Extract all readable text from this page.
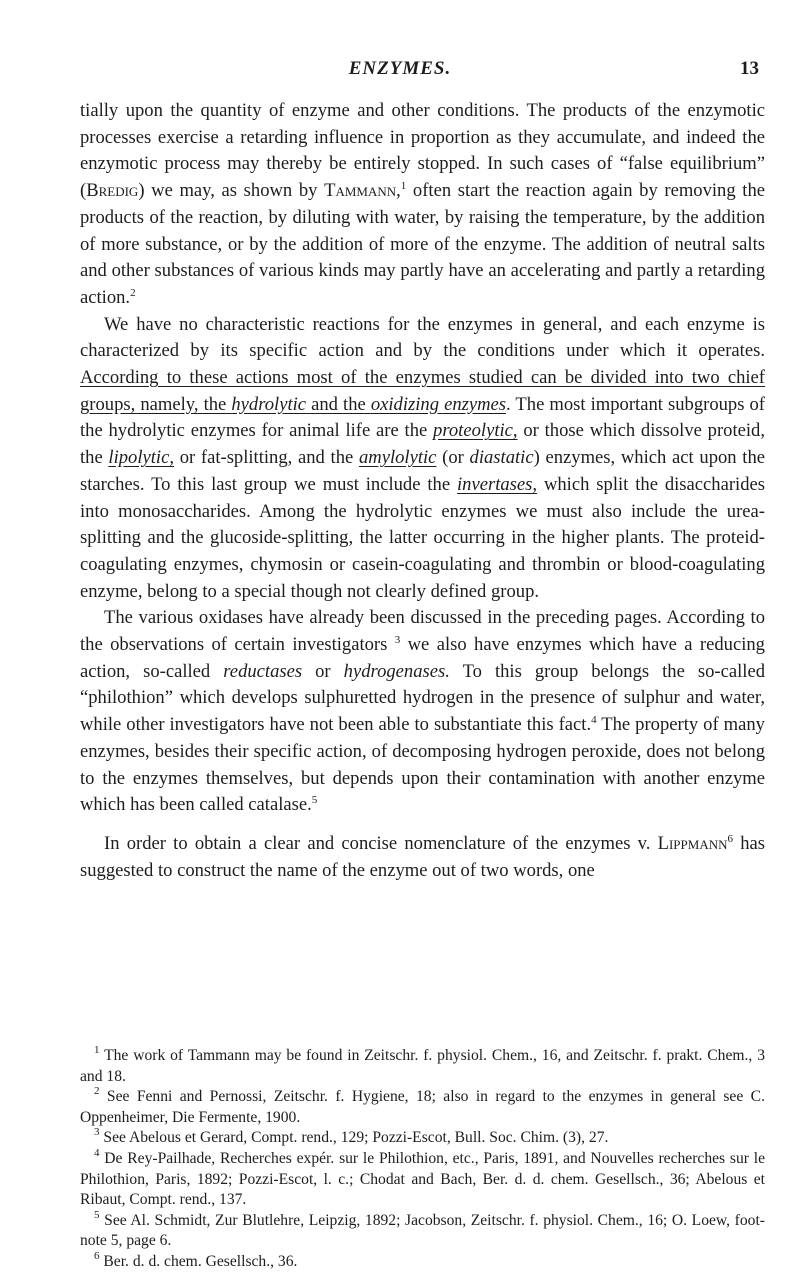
ENZYMES.	13

tially upon the quantity of enzyme and other conditions. The products of the enzymotic processes exercise a retarding influence in proportion as they accumulate, and indeed the enzymotic process may thereby be entirely stopped. In such cases of “false equilibrium” (Bredig) we may, as shown by Tammann,$^1$ often start the reaction again by removing the products of the reaction, by diluting with water, by raising the temperature, by the addition of more substance, or by the addition of more of the enzyme. The addition of neutral salts and other substances of various kinds may partly have an accelerating and partly a retarding action.$^2$

We have no characteristic reactions for the enzymes in general, and each enzyme is characterized by its specific action and by the conditions under which it operates. According to these actions most of the enzymes studied can be divided into two chief groups, namely, the hydrolytic and the oxidizing enzymes. The most important subgroups of the hydrolytic enzymes for animal life are the proteolytic, or those which dissolve proteid, the lipolytic, or fat-splitting, and the amylolytic (or diastatic) enzymes, which act upon the starches. To this last group we must include the invertases, which split the disaccharides into monosaccharides. Among the hydrolytic enzymes we must also include the urea-splitting and the glucoside-splitting, the latter occurring in the higher plants. The proteid-coagulating enzymes, chymosin or casein-coagulating and thrombin or blood-coagulating enzyme, belong to a special though not clearly defined group.

The various oxidases have already been discussed in the preceding pages. According to the observations of certain investigators $^3$ we also have enzymes which have a reducing action, so-called reductases or hydrogenases. To this group belongs the so-called “philothion” which develops sulphuretted hydrogen in the presence of sulphur and water, while other investigators have not been able to substantiate this fact.$^4$ The property of many enzymes, besides their specific action, of decomposing hydrogen peroxide, does not belong to the enzymes themselves, but depends upon their contamination with another enzyme which has been called catalase.$^5$

In order to obtain a clear and concise nomenclature of the enzymes v. Lippmann$^6$ has suggested to construct the name of the enzyme out of two words, one

$^1$ The work of Tammann may be found in Zeitschr. f. physiol. Chem., 16, and Zeitschr. f. prakt. Chem., 3 and 18.

$^2$ See Fenni and Pernossi, Zeitschr. f. Hygiene, 18; also in regard to the enzymes in general see C. Oppenheimer, Die Fermente, 1900.

$^3$ See Abelous et Gerard, Compt. rend., 129; Pozzi-Escot, Bull. Soc. Chim. (3), 27.

$^4$ De Rey-Pailhade, Recherches expér. sur le Philothion, etc., Paris, 1891, and Nouvelles recherches sur le Philothion, Paris, 1892; Pozzi-Escot, l. c.; Chodat and Bach, Ber. d. d. chem. Gesellsch., 36; Abelous et Ribaut, Compt. rend., 137.

$^5$ See Al. Schmidt, Zur Blutlehre, Leipzig, 1892; Jacobson, Zeitschr. f. physiol. Chem., 16; O. Loew, foot-note 5, page 6.

$^6$ Ber. d. d. chem. Gesellsch., 36.
